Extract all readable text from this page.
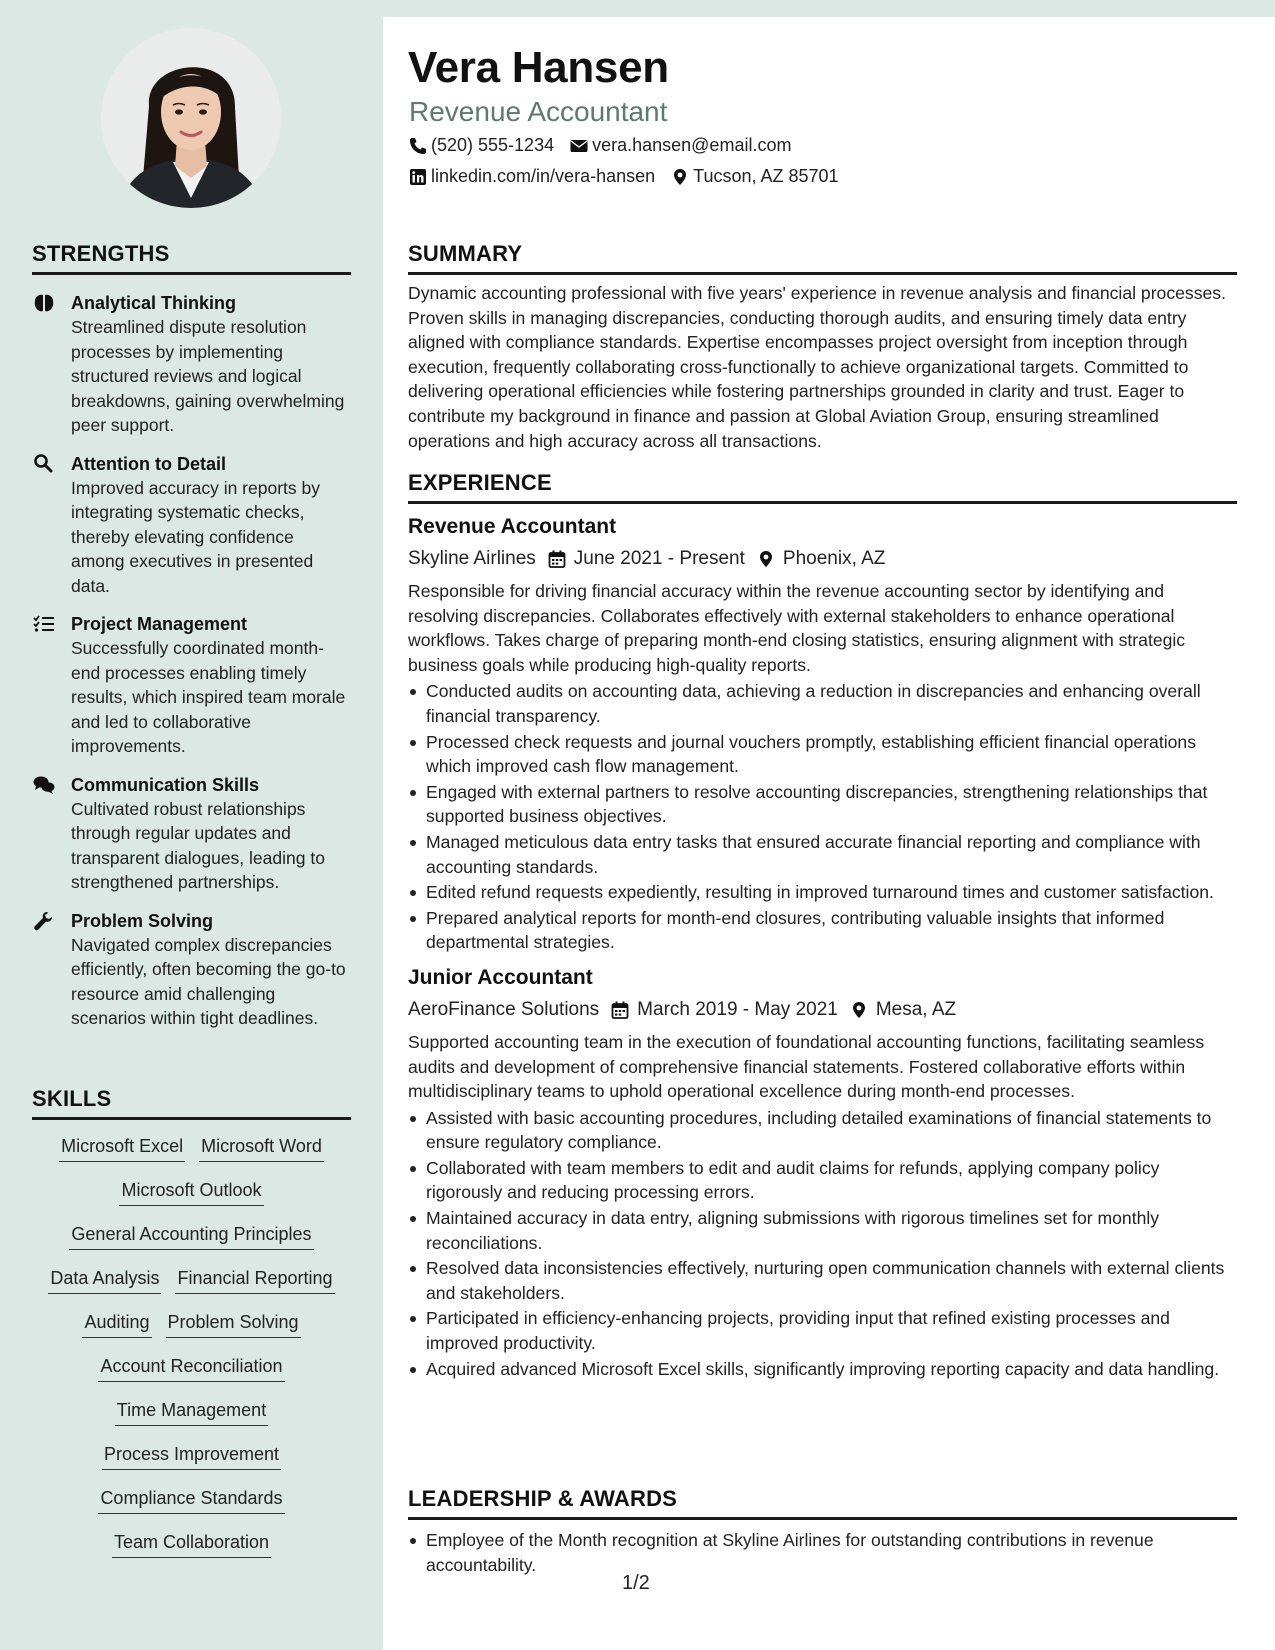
STRENGTHS
Analytical Thinking
Streamlined dispute resolution processes by implementing structured reviews and logical breakdowns, gaining overwhelming peer support.
Attention to Detail
Improved accuracy in reports by integrating systematic checks, thereby elevating confidence among executives in presented data.
Project Management
Successfully coordinated month-end processes enabling timely results, which inspired team morale and led to collaborative improvements.
Communication Skills
Cultivated robust relationships through regular updates and transparent dialogues, leading to strengthened partnerships.
Problem Solving
Navigated complex discrepancies efficiently, often becoming the go-to resource amid challenging scenarios within tight deadlines.
SKILLS
Microsoft Excel Microsoft Word
Microsoft Outlook
General Accounting Principles
Data Analysis Financial Reporting
Auditing Problem Solving
Account Reconciliation
Time Management
Process Improvement
Compliance Standards
Team Collaboration
Vera Hansen
Revenue Accountant
(520) 555-1234 vera.hansen@email.com
linkedin.com/in/vera-hansen Tucson, AZ 85701
SUMMARY

Dynamic accounting professional with five years' experience in revenue analysis and financial processes. Proven skills in managing discrepancies, conducting thorough audits, and ensuring timely data entry aligned with compliance standards. Expertise encompasses project oversight from inception through execution, frequently collaborating cross-functionally to achieve organizational targets. Committed to delivering operational efficiencies while fostering partnerships grounded in clarity and trust. Eager to contribute my background in finance and passion at Global Aviation Group, ensuring streamlined operations and high accuracy across all transactions.

EXPERIENCE
Revenue Accountant
Skyline Airlines June 2021 - Present Phoenix, AZ

Responsible for driving financial accuracy within the revenue accounting sector by identifying and resolving discrepancies. Collaborates effectively with external stakeholders to enhance operational workflows. Takes charge of preparing month-end closing statistics, ensuring alignment with strategic business goals while producing high-quality reports.

Conducted audits on accounting data, achieving a reduction in discrepancies and enhancing overall financial transparency.
Processed check requests and journal vouchers promptly, establishing efficient financial operations which improved cash flow management.
Engaged with external partners to resolve accounting discrepancies, strengthening relationships that supported business objectives.
Managed meticulous data entry tasks that ensured accurate financial reporting and compliance with accounting standards.
Edited refund requests expediently, resulting in improved turnaround times and customer satisfaction.
Prepared analytical reports for month-end closures, contributing valuable insights that informed departmental strategies.
Junior Accountant
AeroFinance Solutions March 2019 - May 2021 Mesa, AZ

Supported accounting team in the execution of foundational accounting functions, facilitating seamless audits and development of comprehensive financial statements. Fostered collaborative efforts within multidisciplinary teams to uphold operational excellence during month-end processes.

Assisted with basic accounting procedures, including detailed examinations of financial statements to ensure regulatory compliance.
Collaborated with team members to edit and audit claims for refunds, applying company policy rigorously and reducing processing errors.
Maintained accuracy in data entry, aligning submissions with rigorous timelines set for monthly reconciliations.
Resolved data inconsistencies effectively, nurturing open communication channels with external clients and stakeholders.
Participated in efficiency-enhancing projects, providing input that refined existing processes and improved productivity.
Acquired advanced Microsoft Excel skills, significantly improving reporting capacity and data handling.
LEADERSHIP & AWARDS
Employee of the Month recognition at Skyline Airlines for outstanding contributions in revenue accountability.
1/2
